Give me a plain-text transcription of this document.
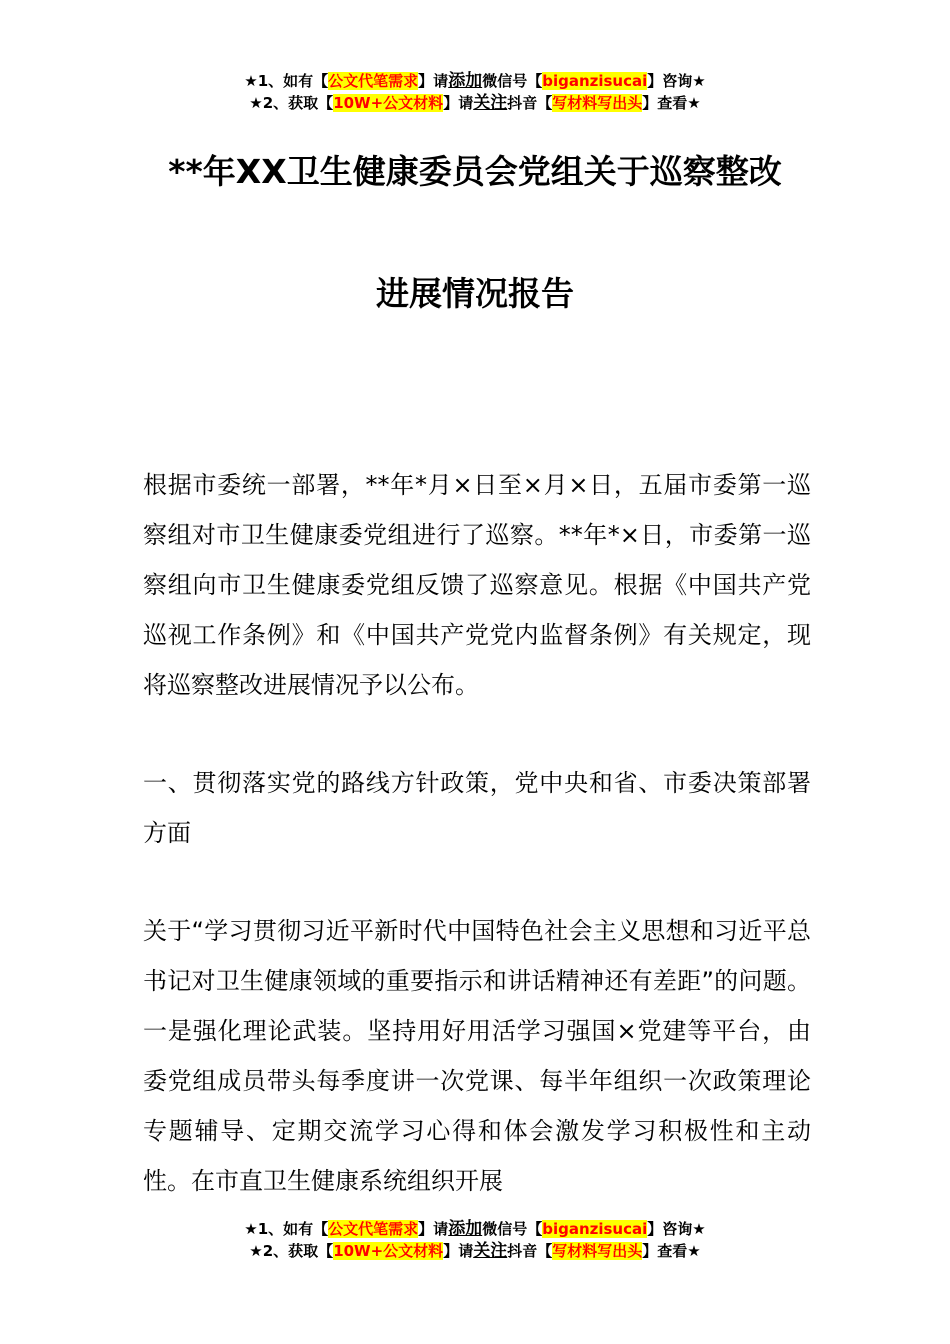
★1、如有【公文代笔需求】请添加微信号【biganzisucai】咨询★
★2、获取【10W+公文材料】请关注抖音【写材料写出头】查看★
**年XX卫生健康委员会党组关于巡察整改
进展情况报告

根据市委统一部署，**年*月×日至×月×日，五届市委第一巡察组对市卫生健康委党组进行了巡察。**年*×日，市委第一巡察组向市卫生健康委党组反馈了巡察意见。根据《中国共产党巡视工作条例》和《中国共产党党内监督条例》有关规定，现将巡察整改进展情况予以公布。

一、贯彻落实党的路线方针政策，党中央和省、市委决策部署方面

关于“学习贯彻习近平新时代中国特色社会主义思想和习近平总书记对卫生健康领域的重要指示和讲话精神还有差距”的问题。一是强化理论武装。坚持用好用活学习强国×党建等平台，由委党组成员带头每季度讲一次党课、每半年组织一次政策理论专题辅导、定期交流学习心得和体会激发学习积极性和主动性。在市直卫生健康系统组织开展

★1、如有【公文代笔需求】请添加微信号【biganzisucai】咨询★
★2、获取【10W+公文材料】请关注抖音【写材料写出头】查看★
